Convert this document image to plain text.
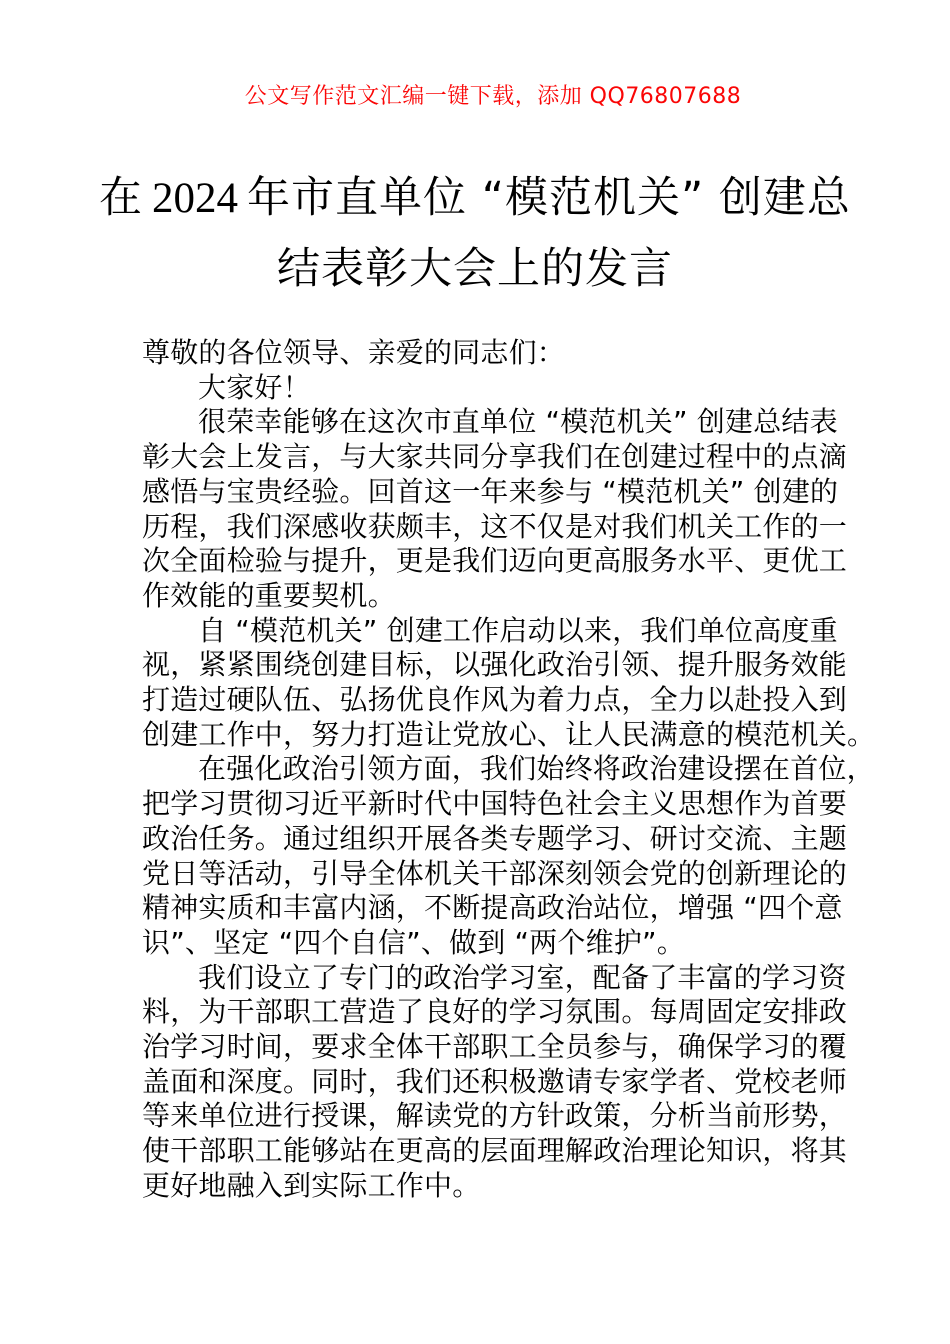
公文写作范文汇编一键下载，添加 QQ76807688
在 2024 年市直单位 “模范机关” 创建总
结表彰大会上的发言
尊敬的各位领导、亲爱的同志们：
大家好！
很荣幸能够在这次市直单位 “模范机关” 创建总结表
彰大会上发言，与大家共同分享我们在创建过程中的点滴
感悟与宝贵经验。回首这一年来参与 “模范机关” 创建的
历程，我们深感收获颇丰，这不仅是对我们机关工作的一
次全面检验与提升，更是我们迈向更高服务水平、更优工
作效能的重要契机。
自 “模范机关” 创建工作启动以来，我们单位高度重
视，紧紧围绕创建目标，以强化政治引领、提升服务效能
打造过硬队伍、弘扬优良作风为着力点，全力以赴投入到
创建工作中，努力打造让党放心、让人民满意的模范机关。
在强化政治引领方面，我们始终将政治建设摆在首位，
把学习贯彻习近平新时代中国特色社会主义思想作为首要
政治任务。通过组织开展各类专题学习、研讨交流、主题
党日等活动，引导全体机关干部深刻领会党的创新理论的
精神实质和丰富内涵，不断提高政治站位，增强 “四个意
识”、坚定 “四个自信”、做到 “两个维护”。
我们设立了专门的政治学习室，配备了丰富的学习资
料，为干部职工营造了良好的学习氛围。每周固定安排政
治学习时间，要求全体干部职工全员参与，确保学习的覆
盖面和深度。同时，我们还积极邀请专家学者、党校老师
等来单位进行授课，解读党的方针政策，分析当前形势，
使干部职工能够站在更高的层面理解政治理论知识，将其
更好地融入到实际工作中。
